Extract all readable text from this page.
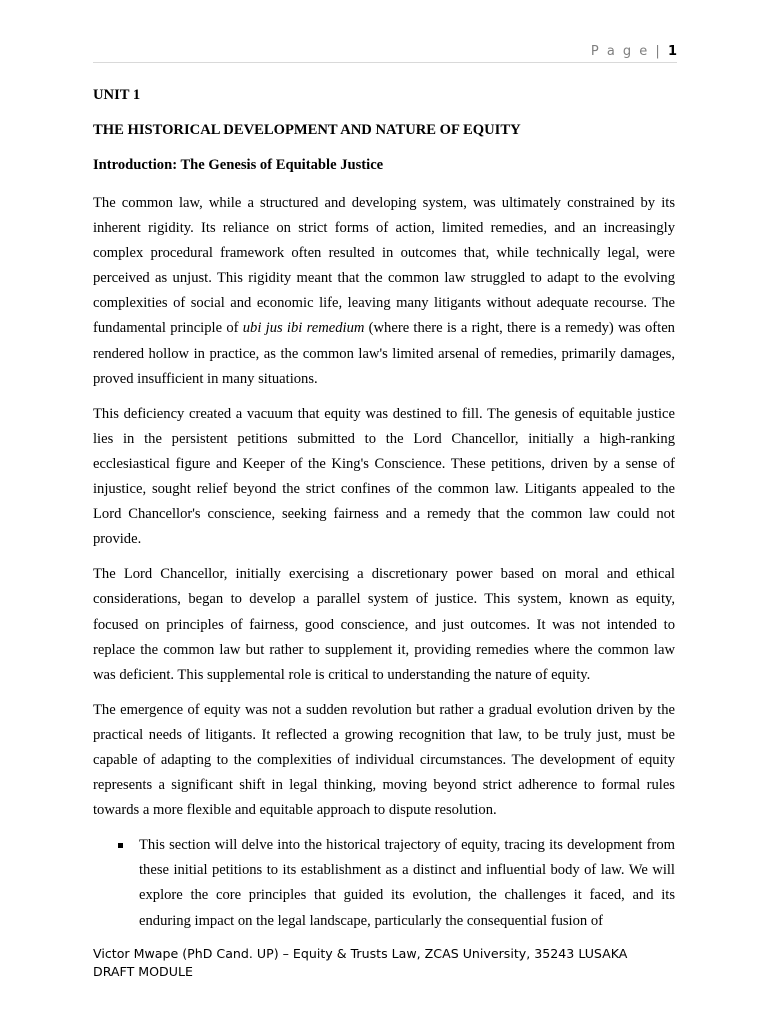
P a g e | 1

UNIT 1

THE HISTORICAL DEVELOPMENT AND NATURE OF EQUITY

Introduction: The Genesis of Equitable Justice

The common law, while a structured and developing system, was ultimately constrained by its inherent rigidity. Its reliance on strict forms of action, limited remedies, and an increasingly complex procedural framework often resulted in outcomes that, while technically legal, were perceived as unjust. This rigidity meant that the common law struggled to adapt to the evolving complexities of social and economic life, leaving many litigants without adequate recourse. The fundamental principle of ubi jus ibi remedium (where there is a right, there is a remedy) was often rendered hollow in practice, as the common law's limited arsenal of remedies, primarily damages, proved insufficient in many situations.

This deficiency created a vacuum that equity was destined to fill. The genesis of equitable justice lies in the persistent petitions submitted to the Lord Chancellor, initially a high-ranking ecclesiastical figure and Keeper of the King's Conscience. These petitions, driven by a sense of injustice, sought relief beyond the strict confines of the common law. Litigants appealed to the Lord Chancellor's conscience, seeking fairness and a remedy that the common law could not provide.

The Lord Chancellor, initially exercising a discretionary power based on moral and ethical considerations, began to develop a parallel system of justice. This system, known as equity, focused on principles of fairness, good conscience, and just outcomes. It was not intended to replace the common law but rather to supplement it, providing remedies where the common law was deficient. This supplemental role is critical to understanding the nature of equity.

The emergence of equity was not a sudden revolution but rather a gradual evolution driven by the practical needs of litigants. It reflected a growing recognition that law, to be truly just, must be capable of adapting to the complexities of individual circumstances. The development of equity represents a significant shift in legal thinking, moving beyond strict adherence to formal rules towards a more flexible and equitable approach to dispute resolution.

This section will delve into the historical trajectory of equity, tracing its development from these initial petitions to its establishment as a distinct and influential body of law. We will explore the core principles that guided its evolution, the challenges it faced, and its enduring impact on the legal landscape, particularly the consequential fusion of
Victor Mwape (PhD Cand. UP) – Equity & Trusts Law, ZCAS University, 35243 LUSAKA
DRAFT MODULE
